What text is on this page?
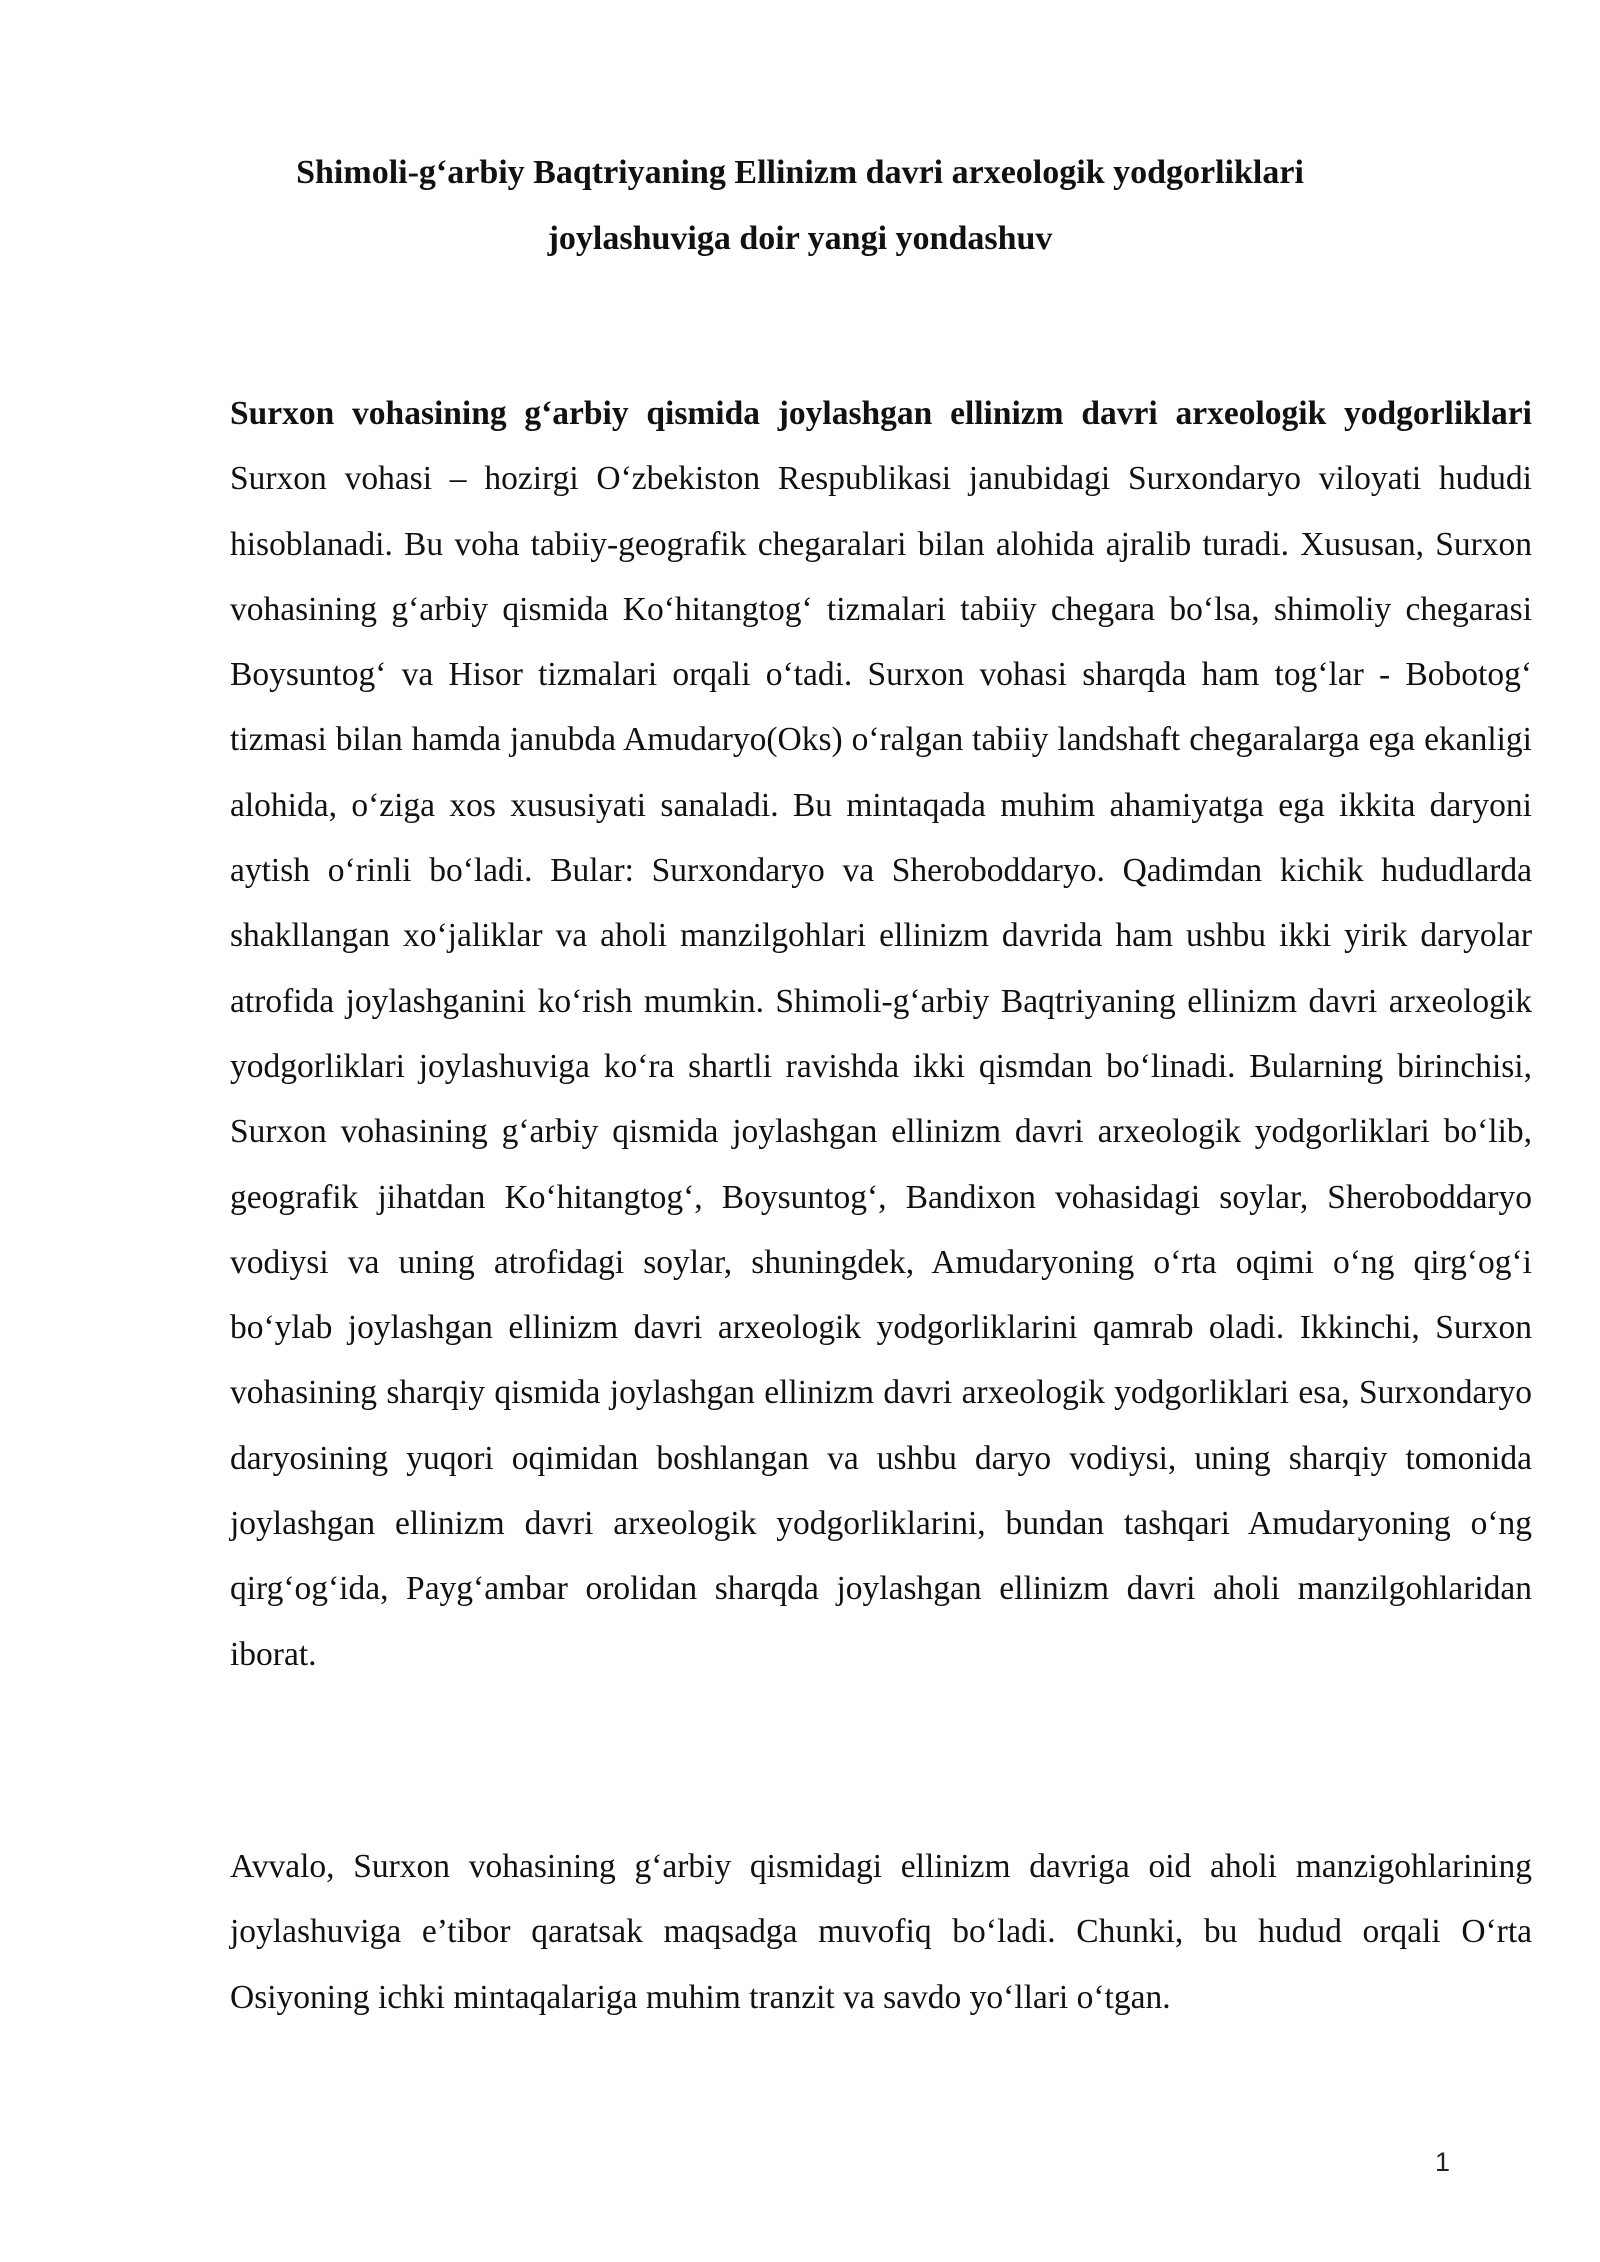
Shimoli-g‘arbiy Baqtriyaning Ellinizm davri arxeologik yodgorliklari
joylashuviga doir yangi yondashuv

Surxon vohasining g‘arbiy qismida joylashgan ellinizm davri arxeologik yodgorliklari Surxon vohasi – hozirgi O‘zbekiston Respublikasi janubidagi Surxondaryo viloyati hududi hisoblanadi. Bu voha tabiiy-geografik chegaralari bilan alohida ajralib turadi. Xususan, Surxon vohasining g‘arbiy qismida Ko‘hitangtog‘ tizmalari tabiiy chegara bo‘lsa, shimoliy chegarasi Boysuntog‘ va Hisor tizmalari orqali o‘tadi. Surxon vohasi sharqda ham tog‘lar - Bobotog‘ tizmasi bilan hamda janubda Amudaryo(Oks) o‘ralgan tabiiy landshaft chegaralarga ega ekanligi alohida, o‘ziga xos xususiyati sanaladi. Bu mintaqada muhim ahamiyatga ega ikkita daryoni aytish o‘rinli bo‘ladi. Bular: Surxondaryo va Sheroboddaryo. Qadimdan kichik hududlarda shakllangan xo‘jaliklar va aholi manzilgohlari ellinizm davrida ham ushbu ikki yirik daryolar atrofida joylashganini ko‘rish mumkin. Shimoli-g‘arbiy Baqtriyaning ellinizm davri arxeologik yodgorliklari joylashuviga ko‘ra shartli ravishda ikki qismdan bo‘linadi. Bularning birinchisi, Surxon vohasining g‘arbiy qismida joylashgan ellinizm davri arxeologik yodgorliklari bo‘lib, geografik jihatdan Ko‘hitangtog‘, Boysuntog‘, Bandixon vohasidagi soylar, Sheroboddaryo vodiysi va uning atrofidagi soylar, shuningdek, Amudaryoning o‘rta oqimi o‘ng qirg‘og‘i bo‘ylab joylashgan ellinizm davri arxeologik yodgorliklarini qamrab oladi. Ikkinchi, Surxon vohasining sharqiy qismida joylashgan ellinizm davri arxeologik yodgorliklari esa, Surxondaryo daryosining yuqori oqimidan boshlangan va ushbu daryo vodiysi, uning sharqiy tomonida joylashgan ellinizm davri arxeologik yodgorliklarini, bundan tashqari Amudaryoning o‘ng qirg‘og‘ida, Payg‘ambar orolidan sharqda joylashgan ellinizm davri aholi manzilgohlaridan iborat.

Avvalo, Surxon vohasining g‘arbiy qismidagi ellinizm davriga oid aholi manzigohlarining joylashuviga e’tibor qaratsak maqsadga muvofiq bo‘ladi. Chunki, bu hudud orqali O‘rta Osiyoning ichki mintaqalariga muhim tranzit va savdo yo‘llari o‘tgan.

1
